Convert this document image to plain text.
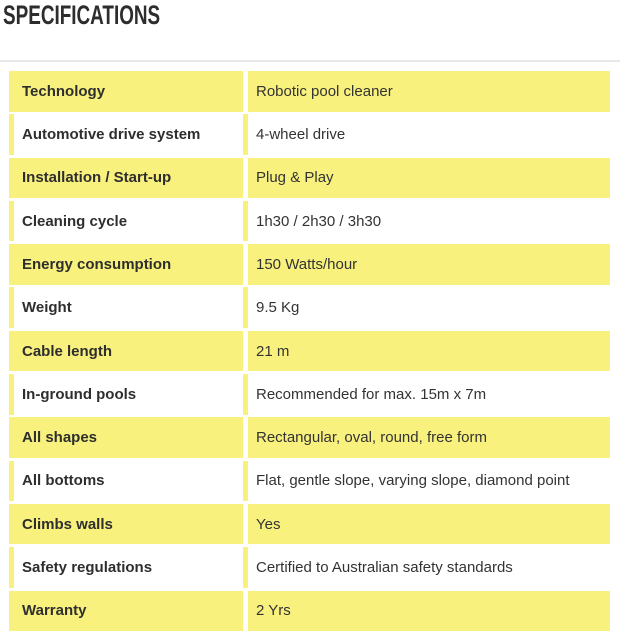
SPECIFICATIONS
Technology	Robotic pool cleaner
Automotive drive system	4-wheel drive
Installation / Start-up	Plug & Play
Cleaning cycle	1h30 / 2h30 / 3h30
Energy consumption	150 Watts/hour
Weight	9.5 Kg
Cable length	21 m
In-ground pools	Recommended for max. 15m x 7m
All shapes	Rectangular, oval, round, free form
All bottoms	Flat, gentle slope, varying slope, diamond point
Climbs walls	Yes
Safety regulations	Certified to Australian safety standards
Warranty	2 Yrs
